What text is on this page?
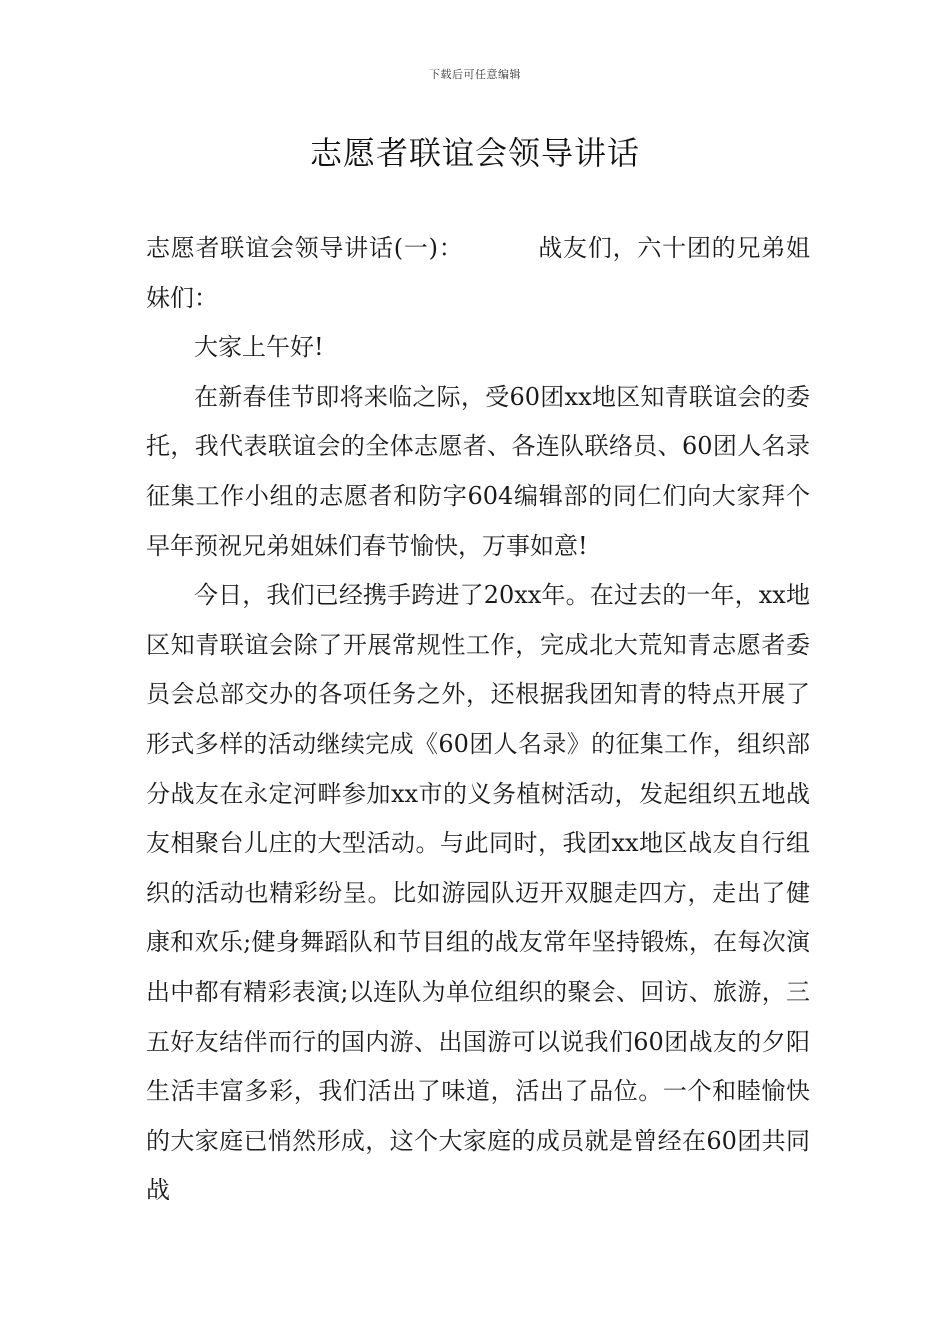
下载后可任意编辑
志愿者联谊会领导讲话

志愿者联谊会领导讲话(一)：	战友们，六十团的兄弟姐妹们：

大家上午好!

在新春佳节即将来临之际，受60团xx地区知青联谊会的委托，我代表联谊会的全体志愿者、各连队联络员、60团人名录征集工作小组的志愿者和防字604编辑部的同仁们向大家拜个早年预祝兄弟姐妹们春节愉快，万事如意!

今日，我们已经携手跨进了20xx年。在过去的一年，xx地区知青联谊会除了开展常规性工作，完成北大荒知青志愿者委员会总部交办的各项任务之外，还根据我团知青的特点开展了形式多样的活动继续完成《60团人名录》的征集工作，组织部分战友在永定河畔参加xx市的义务植树活动，发起组织五地战友相聚台儿庄的大型活动。与此同时，我团xx地区战友自行组织的活动也精彩纷呈。比如游园队迈开双腿走四方，走出了健康和欢乐;健身舞蹈队和节目组的战友常年坚持锻炼，在每次演出中都有精彩表演;以连队为单位组织的聚会、回访、旅游，三五好友结伴而行的国内游、出国游可以说我们60团战友的夕阳生活丰富多彩，我们活出了味道，活出了品位。一个和睦愉快的大家庭已悄然形成，这个大家庭的成员就是曾经在60团共同战
